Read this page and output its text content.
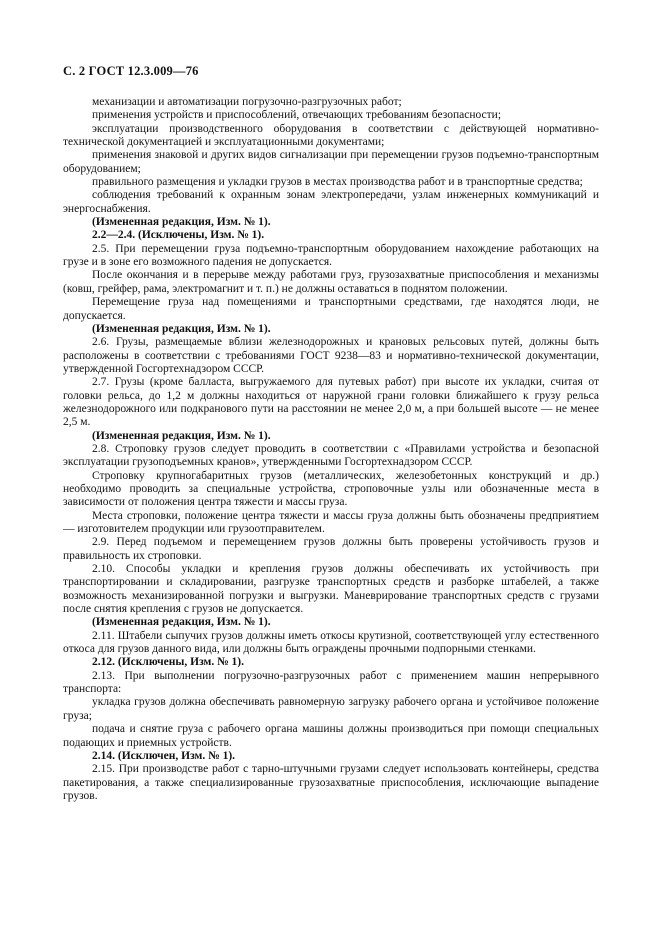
С. 2 ГОСТ 12.3.009—76

механизации и автоматизации погрузочно-разгрузочных работ;

применения устройств и приспособлений, отвечающих требованиям безопасности;

эксплуатации производственного оборудования в соответствии с действующей нормативно-технической документацией и эксплуатационными документами;

применения знаковой и других видов сигнализации при перемещении грузов подъемно-транспортным оборудованием;

правильного размещения и укладки грузов в местах производства работ и в транспортные средства;

соблюдения требований к охранным зонам электропередачи, узлам инженерных коммуникаций и энергоснабжения.

(Измененная редакция, Изм. № 1).

2.2—2.4. (Исключены, Изм. № 1).

2.5. При перемещении груза подъемно-транспортным оборудованием нахождение работающих на грузе и в зоне его возможного падения не допускается.

После окончания и в перерыве между работами груз, грузозахватные приспособления и механизмы (ковш, грейфер, рама, электромагнит и т. п.) не должны оставаться в поднятом положении.

Перемещение груза над помещениями и транспортными средствами, где находятся люди, не допускается.

(Измененная редакция, Изм. № 1).

2.6. Грузы, размещаемые вблизи железнодорожных и крановых рельсовых путей, должны быть расположены в соответствии с требованиями ГОСТ 9238—83 и нормативно-технической документации, утвержденной Госгортехнадзором СССР.

2.7. Грузы (кроме балласта, выгружаемого для путевых работ) при высоте их укладки, считая от головки рельса, до 1,2 м должны находиться от наружной грани головки ближайшего к грузу рельса железнодорожного или подкранового пути на расстоянии не менее 2,0 м, а при большей высоте — не менее 2,5 м.

(Измененная редакция, Изм. № 1).

2.8. Строповку грузов следует проводить в соответствии с «Правилами устройства и безопасной эксплуатации грузоподъемных кранов», утвержденными Госгортехнадзором СССР.

Строповку крупногабаритных грузов (металлических, железобетонных конструкций и др.) необходимо проводить за специальные устройства, строповочные узлы или обозначенные места в зависимости от положения центра тяжести и массы груза.

Места строповки, положение центра тяжести и массы груза должны быть обозначены предприятием — изготовителем продукции или грузоотправителем.

2.9. Перед подъемом и перемещением грузов должны быть проверены устойчивость грузов и правильность их строповки.

2.10. Способы укладки и крепления грузов должны обеспечивать их устойчивость при транспортировании и складировании, разгрузке транспортных средств и разборке штабелей, а также возможность механизированной погрузки и выгрузки. Маневрирование транспортных средств с грузами после снятия крепления с грузов не допускается.

(Измененная редакция, Изм. № 1).

2.11. Штабели сыпучих грузов должны иметь откосы крутизной, соответствующей углу естественного откоса для грузов данного вида, или должны быть ограждены прочными подпорными стенками.

2.12. (Исключены, Изм. № 1).

2.13. При выполнении погрузочно-разгрузочных работ с применением машин непрерывного транспорта:

укладка грузов должна обеспечивать равномерную загрузку рабочего органа и устойчивое положение груза;

подача и снятие груза с рабочего органа машины должны производиться при помощи специальных подающих и приемных устройств.

2.14. (Исключен, Изм. № 1).

2.15. При производстве работ с тарно-штучными грузами следует использовать контейнеры, средства пакетирования, а также специализированные грузозахватные приспособления, исключающие выпадение грузов.
